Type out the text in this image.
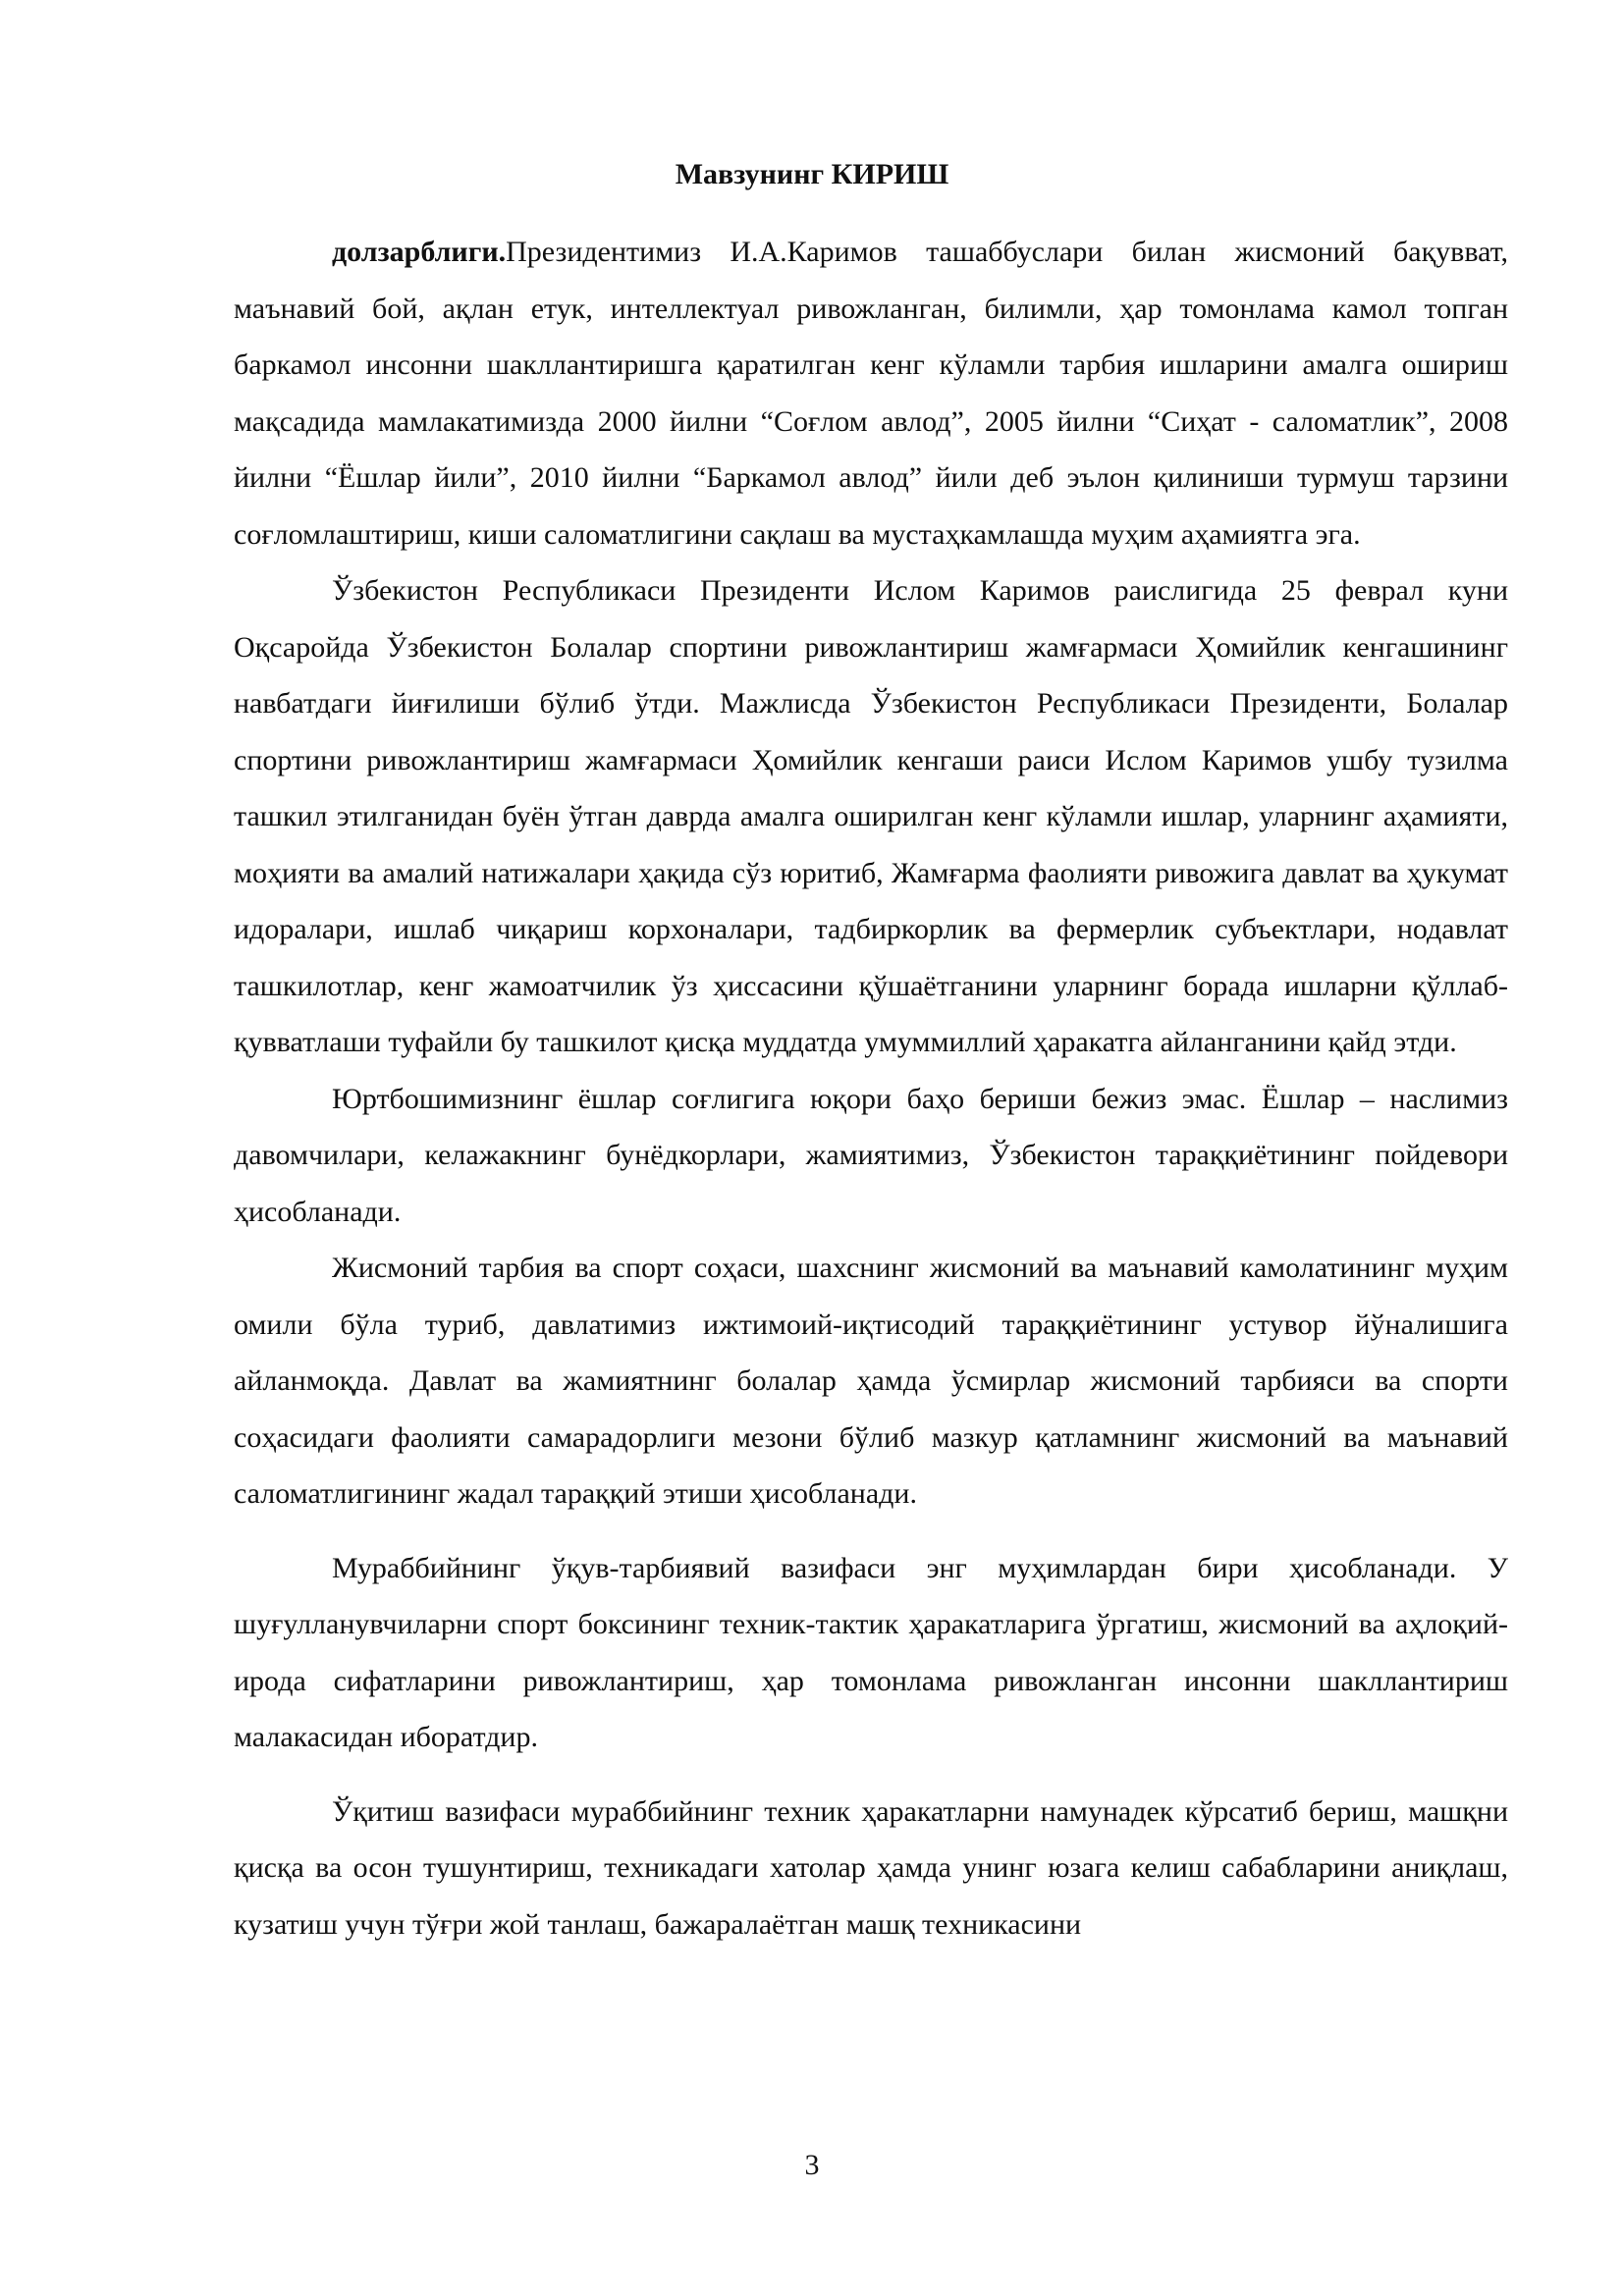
Мавзунинг КИРИШ

долзарблиги.Президентимиз И.А.Каримов ташаббуслари билан жисмоний бақувват, маънавий бой, ақлан етук, интеллектуал ривожланган, билимли, ҳар томонлама камол топган баркамол инсонни шакллантиришга қаратилган кенг кўламли тарбия ишларини амалга ошириш мақсадида мамлакатимизда 2000 йилни “Соғлом авлод”, 2005 йилни “Сиҳат - саломатлик”, 2008 йилни “Ёшлар йили”, 2010 йилни “Баркамол авлод” йили деб эълон қилиниши турмуш тарзини соғломлаштириш, киши саломатлигини сақлаш ва мустаҳкамлашда муҳим аҳамиятга эга.

Ўзбекистон Республикаси Президенти Ислом Каримов раислигида 25 феврал куни Оқсаройда Ўзбекистон Болалар спортини ривожлантириш жамғармаси Ҳомийлик кенгашининг навбатдаги йиғилиши бўлиб ўтди. Мажлисда Ўзбекистон Республикаси Президенти, Болалар спортини ривожлантириш жамғармаси Ҳомийлик кенгаши раиси Ислом Каримов ушбу тузилма ташкил этилганидан буён ўтган даврда амалга оширилган кенг кўламли ишлар, уларнинг аҳамияти, моҳияти ва амалий натижалари ҳақида сўз юритиб, Жамғарма фаолияти ривожига давлат ва ҳукумат идоралари, ишлаб чиқариш корхоналари, тадбиркорлик ва фермерлик субъектлари, нодавлат ташкилотлар, кенг жамоатчилик ўз ҳиссасини қўшаётганини уларнинг борада ишларни қўллаб-қувватлаши туфайли бу ташкилот қисқа муддатда умуммиллий ҳаракатга айланганини қайд этди.

Юртбошимизнинг ёшлар соғлигига юқори баҳо бериши бежиз эмас. Ёшлар – наслимиз давомчилари, келажакнинг бунёдкорлари, жамиятимиз, Ўзбекистон тараққиётининг пойдевори ҳисобланади.

Жисмоний тарбия ва спорт соҳаси, шахснинг жисмоний ва маънавий камолатининг муҳим омили бўла туриб, давлатимиз ижтимоий-иқтисодий тараққиётининг устувор йўналишига айланмоқда. Давлат ва жамиятнинг болалар ҳамда ўсмирлар жисмоний тарбияси ва спорти соҳасидаги фаолияти самарадорлиги мезони бўлиб мазкур қатламнинг жисмоний ва маънавий саломатлигининг жадал тараққий этиши ҳисобланади.

Мураббийнинг ўқув-тарбиявий вазифаси энг муҳимлардан бири ҳисобланади. У шуғулланувчиларни спорт боксининг техник-тактик ҳаракатларига ўргатиш, жисмоний ва аҳлоқий-ирода сифатларини ривожлантириш, ҳар томонлама ривожланган инсонни шакллантириш малакасидан иборатдир.

Ўқитиш вазифаси мураббийнинг техник ҳаракатларни намунадек кўрсатиб бериш, машқни қисқа ва осон тушунтириш, техникадаги хатолар ҳамда унинг юзага келиш сабабларини аниқлаш, кузатиш учун тўғри жой танлаш, бажаралаётган машқ техникасини

3
